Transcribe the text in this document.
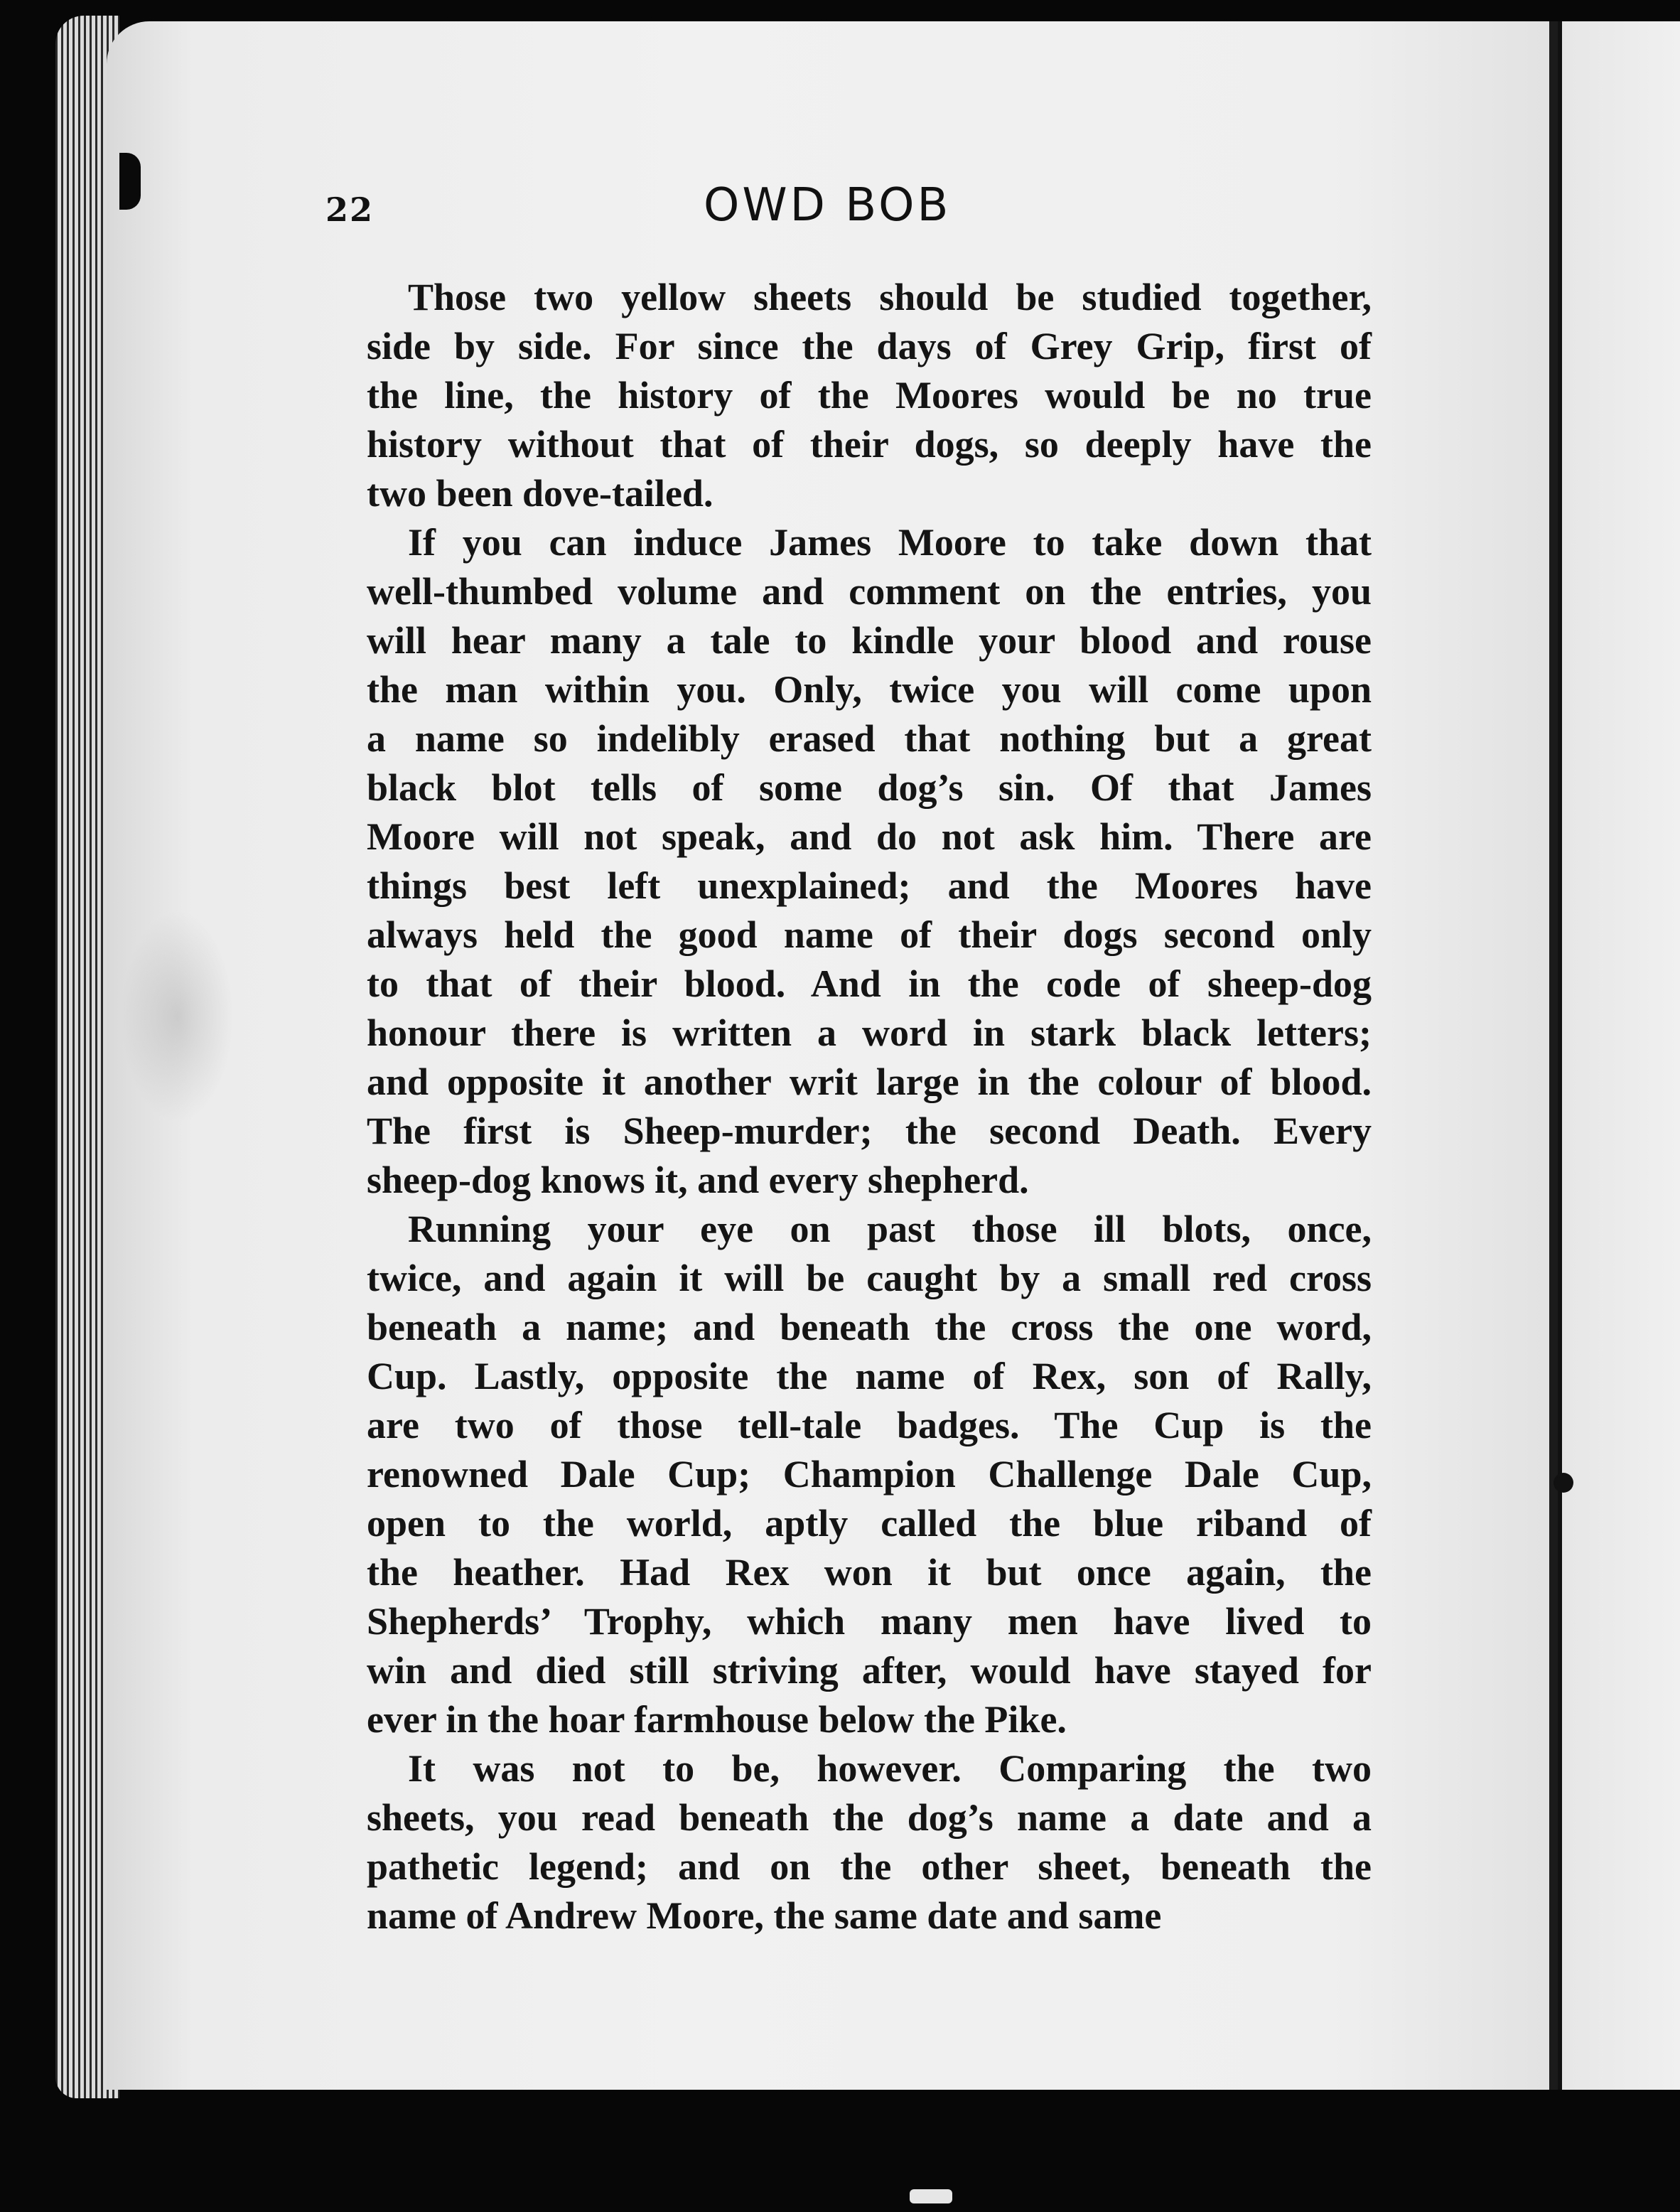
22	OWD BOB
Those two yellow sheets should be studied together,
side by side. For since the days of Grey Grip, first of
the line, the history of the Moores would be no true
history without that of their dogs, so deeply have the
two been dove-tailed.
If you can induce James Moore to take down that
well-thumbed volume and comment on the entries, you
will hear many a tale to kindle your blood and rouse
the man within you. Only, twice you will come upon
a name so indelibly erased that nothing but a great
black blot tells of some dog’s sin. Of that James
Moore will not speak, and do not ask him. There are
things best left unexplained; and the Moores have
always held the good name of their dogs second only
to that of their blood. And in the code of sheep-dog
honour there is written a word in stark black letters;
and opposite it another writ large in the colour of blood.
The first is Sheep-murder; the second Death. Every
sheep-dog knows it, and every shepherd.
Running your eye on past those ill blots, once,
twice, and again it will be caught by a small red cross
beneath a name; and beneath the cross the one word,
Cup. Lastly, opposite the name of Rex, son of Rally,
are two of those tell-tale badges. The Cup is the
renowned Dale Cup; Champion Challenge Dale Cup,
open to the world, aptly called the blue riband of
the heather. Had Rex won it but once again, the
Shepherds’ Trophy, which many men have lived to
win and died still striving after, would have stayed for
ever in the hoar farmhouse below the Pike.
It was not to be, however. Comparing the two
sheets, you read beneath the dog’s name a date and a
pathetic legend; and on the other sheet, beneath the
name of Andrew Moore, the same date and same
